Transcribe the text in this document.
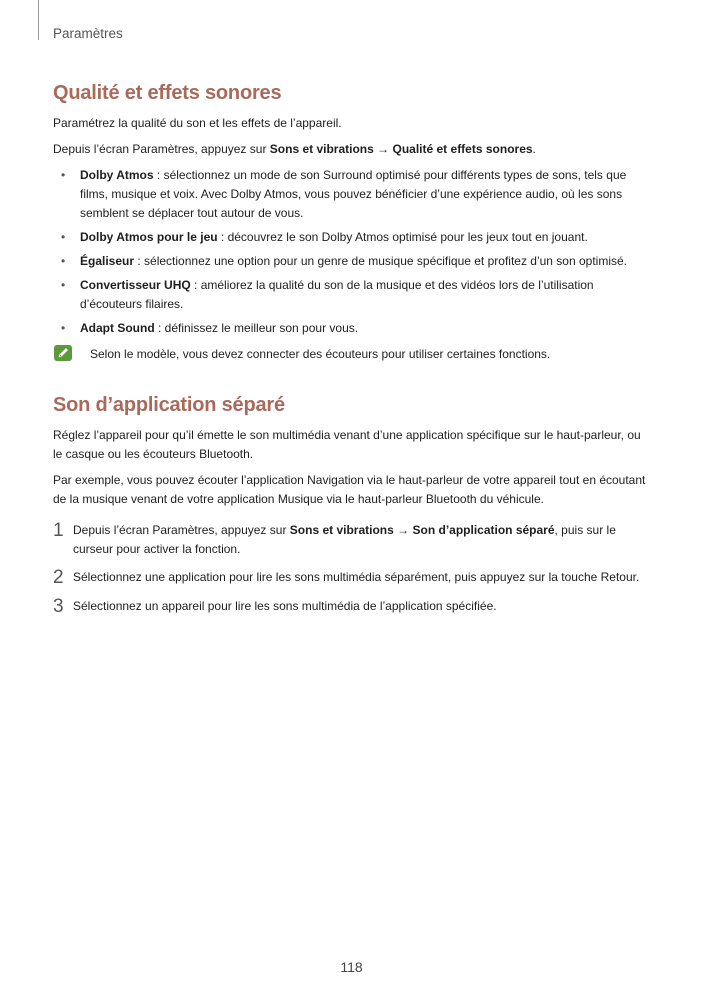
Paramètres
Qualité et effets sonores

Paramétrez la qualité du son et les effets de l’appareil.

Depuis l’écran Paramètres, appuyez sur Sons et vibrations → Qualité et effets sonores.

• Dolby Atmos : sélectionnez un mode de son Surround optimisé pour différents types de sons, tels que films, musique et voix. Avec Dolby Atmos, vous pouvez bénéficier d’une expérience audio, où les sons semblent se déplacer tout autour de vous.
• Dolby Atmos pour le jeu : découvrez le son Dolby Atmos optimisé pour les jeux tout en jouant.
• Égaliseur : sélectionnez une option pour un genre de musique spécifique et profitez d’un son optimisé.
• Convertisseur UHQ : améliorez la qualité du son de la musique et des vidéos lors de l’utilisation d’écouteurs filaires.
• Adapt Sound : définissez le meilleur son pour vous.
Selon le modèle, vous devez connecter des écouteurs pour utiliser certaines fonctions.
Son d’application séparé

Réglez l’appareil pour qu’il émette le son multimédia venant d’une application spécifique sur le haut-parleur, ou le casque ou les écouteurs Bluetooth.

Par exemple, vous pouvez écouter l’application Navigation via le haut-parleur de votre appareil tout en écoutant de la musique venant de votre application Musique via le haut-parleur Bluetooth du véhicule.

1 Depuis l’écran Paramètres, appuyez sur Sons et vibrations → Son d’application séparé, puis sur le curseur pour activer la fonction.
2 Sélectionnez une application pour lire les sons multimédia séparément, puis appuyez sur la touche Retour.
3 Sélectionnez un appareil pour lire les sons multimédia de l’application spécifiée.
118
